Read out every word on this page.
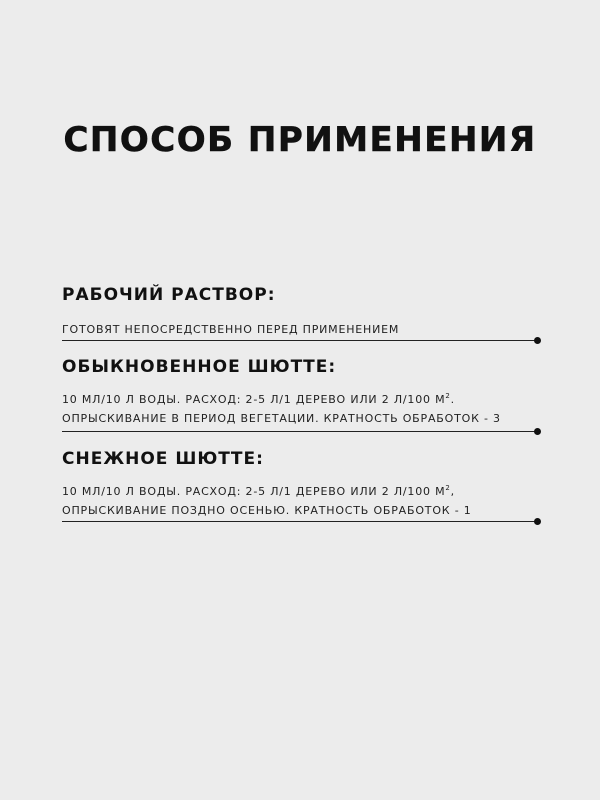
СПОСОБ ПРИМЕНЕНИЯ
РАБОЧИЙ РАСТВОР:

ГОТОВЯТ НЕПОСРЕДСТВЕННО ПЕРЕД ПРИМЕНЕНИЕМ

ОБЫКНОВЕННОЕ ШЮТТЕ:

10 МЛ/10 Л ВОДЫ. РАСХОД: 2-5 Л/1 ДЕРЕВО ИЛИ 2 Л/100 $М^2$.
ОПРЫСКИВАНИЕ В ПЕРИОД ВЕГЕТАЦИИ. КРАТНОСТЬ ОБРАБОТОК - 3

СНЕЖНОЕ ШЮТТЕ:

10 МЛ/10 Л ВОДЫ. РАСХОД: 2-5 Л/1 ДЕРЕВО ИЛИ 2 Л/100 $М^2$,
ОПРЫСКИВАНИЕ ПОЗДНО ОСЕНЬЮ. КРАТНОСТЬ ОБРАБОТОК - 1
